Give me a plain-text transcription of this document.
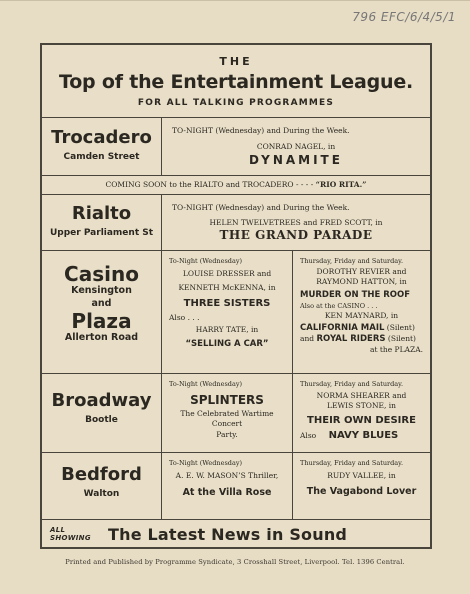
796 EFC/6/4/5/1
THE
Top of the Entertainment League.
FOR ALL TALKING PROGRAMMES
Trocadero
Camden Street
TO-NIGHT (Wednesday) and During the Week.
CONRAD NAGEL, in
DYNAMITE
COMING SOON to the RIALTO and TROCADERO - - - - “RIO RITA.”
Rialto
Upper Parliament St
TO-NIGHT (Wednesday) and During the Week.
HELEN TWELVETREES and FRED SCOTT, in
THE GRAND PARADE
Casino
Kensington
and
Plaza
Allerton Road
To-Night (Wednesday)
LOUISE DRESSER and
KENNETH McKENNA, in
THREE SISTERS
Also . . .
HARRY TATE, in
“SELLING A CAR”
Thursday, Friday and Saturday.
DOROTHY REVIER and
RAYMOND HATTON, in
MURDER ON THE ROOF
Also at the CASINO . . .
KEN MAYNARD, in
CALIFORNIA MAIL (Silent)
and ROYAL RIDERS (Silent)
at the PLAZA.
Broadway
Bootle
To-Night (Wednesday)
SPLINTERS
The Celebrated Wartime Concert
Party.
Thursday, Friday and Saturday.
NORMA SHEARER and
LEWIS STONE, in
THEIR OWN DESIRE
Also NAVY BLUES
Bedford
Walton
To-Night (Wednesday)
A. E. W. MASON’S Thriller,
At the Villa Rose
Thursday, Friday and Saturday.
RUDY VALLEE, in
The Vagabond Lover
ALL
SHOWING The Latest News in Sound
Printed and Published by Programme Syndicate, 3 Crosshall Street, Liverpool. Tel. 1396 Central.
